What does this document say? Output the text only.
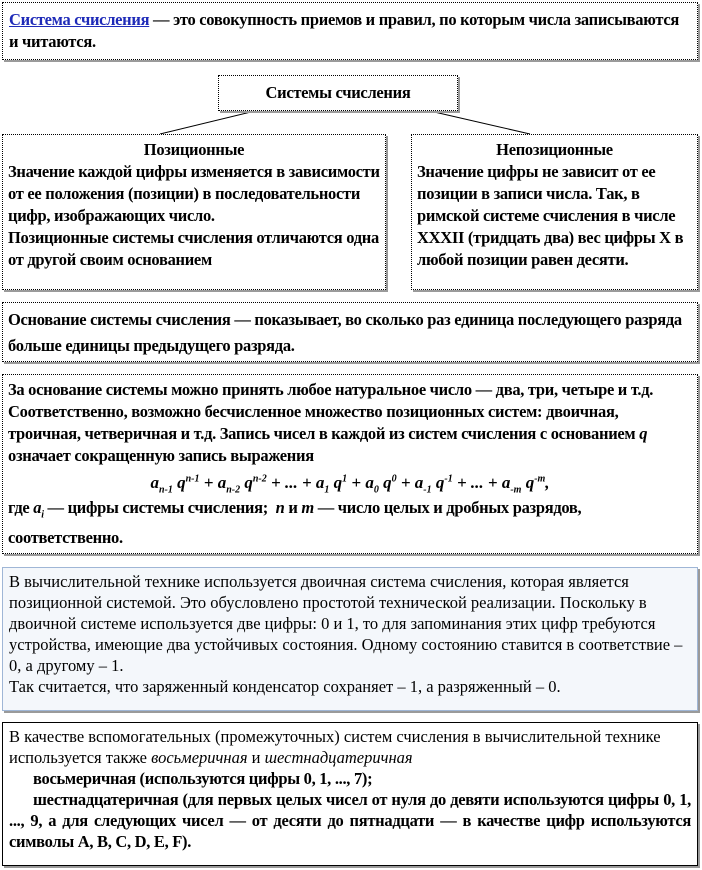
Система счисления — это совокупность приемов и правил, по которым числа записываются и читаются.

Системы счисления

Позиционные

Значение каждой цифры изменяется в зависимости от ее положения (позиции) в последовательности цифр, изображающих число.

Позиционные системы счисления отличаются одна от другой своим основанием

Непозиционные

Значение цифры не зависит от ее позиции в записи числа. Так, в римской системе счисления в числе XXXII (тридцать два) вес цифры X в любой позиции равен десяти.

Основание системы счисления — показывает, во сколько раз единица последующего разряда больше единицы предыдущего разряда.

За основание системы можно принять любое натуральное число — два, три, четыре и т.д. Соответственно, возможно бесчисленное множество позиционных систем: двоичная, троичная, четверичная и т.д. Запись чисел в каждой из систем счисления с основанием q означает сокращенную запись выражения

$a_{n-1}$ $q^{n-1} + a_{n-2}$ $q^{n-2}$ + ... + $a_1$ $q^1 + a_0$ $q^0 + a_{-1}$ $q^{-1}$ + ... + $a_{-m}$ $q^{-m}$,

где $a_i$ — цифры системы счисления;  n и m — число целых и дробных разрядов, соответственно.

В вычислительной технике используется двоичная система счисления, которая является позиционной системой. Это обусловлено простотой технической реализации. Поскольку в двоичной системе используется две цифры: 0 и 1, то для запоминания этих цифр требуются устройства, имеющие два устойчивых состояния. Одному состоянию ставится в соответствие – 0, а другому – 1.

Так считается, что заряженный конденсатор сохраняет – 1, а разряженный – 0.

В качестве вспомогательных (промежуточных) систем счисления в вычислительной технике используется также восьмеричная и шестнадцатеричная

восьмеричная (используются цифры 0, 1, ..., 7);

шестнадцатеричная (для первых целых чисел от нуля до девяти используются цифры 0, 1, ..., 9, а для следующих чисел — от десяти до пятнадцати — в качестве цифр используются символы A, B, C, D, E, F).
